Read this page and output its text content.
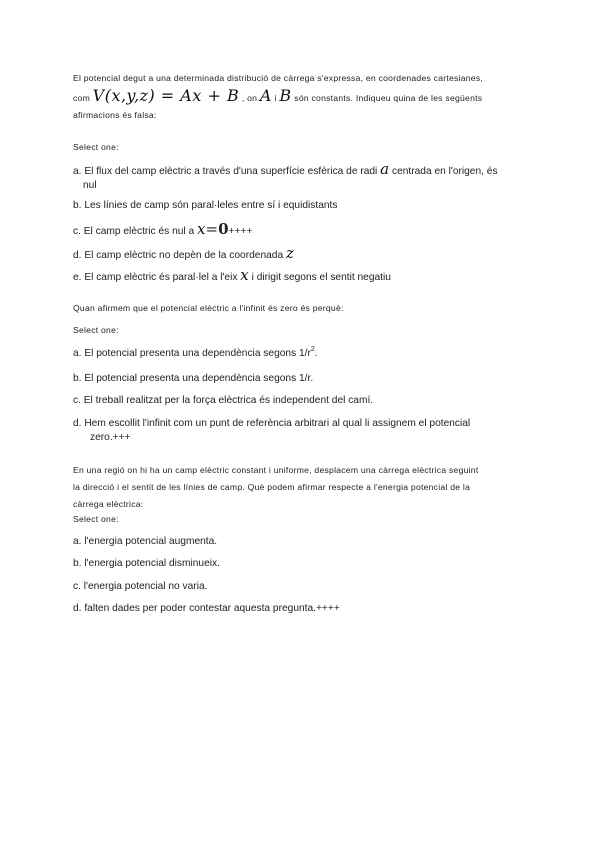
El potencial degut a una determinada distribució de càrrega s'expressa, en coordenades cartesianes,
com V(x,y,z) = Ax + B , on A i B són constants. Indiqueu quina de les següents
afirmacions és falsa:
Select one:
a. El flux del camp elèctric a través d'una superfície esfèrica de radi a centrada en l'origen, és
nul
b. Les línies de camp són paral·leles entre sí i equidistants
c. El camp elèctric és nul a x=0++++
d. El camp elèctric no depèn de la coordenada z
e. El camp elèctric és paral·lel a l'eix x i dirigit segons el sentit negatiu
Quan afirmem que el potencial elèctric a l'infinit és zero és perquè:
Select one:
a. El potencial presenta una dependència segons $1/r^2$.
b. El potencial presenta una dependència segons 1/r.
c. El treball realitzat per la força elèctrica és independent del camí.
d. Hem escollit l'infinit com un punt de referència arbitrari al qual li assignem el potencial
zero.+++
En una regió on hi ha un camp elèctric constant i uniforme, desplacem una càrrega elèctrica seguint
la direcció i el sentit de les línies de camp. Què podem afirmar respecte a l'energia potencial de la
càrrega elèctrica:
Select one:
a. l'energia potencial augmenta.
b. l'energia potencial disminueix.
c. l'energia potencial no varia.
d. falten dades per poder contestar aquesta pregunta.++++
